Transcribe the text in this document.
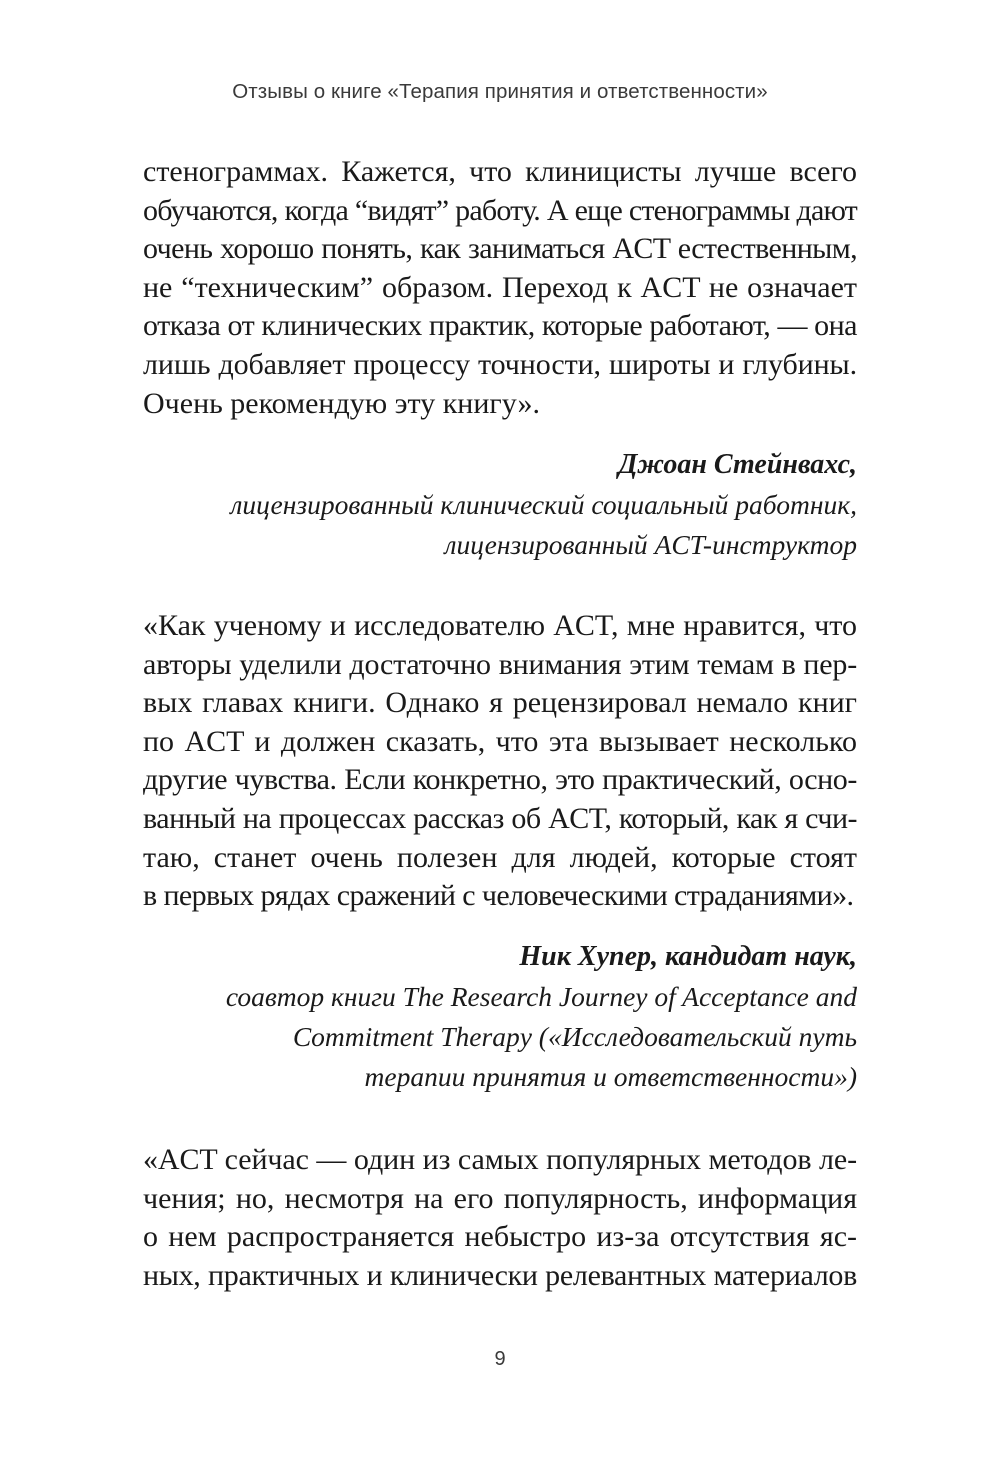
Отзывы о книге «Терапия принятия и ответственности»
стенограммах. Кажется, что клиницисты лучше всего
обучаются, когда “видят” работу. А еще стенограммы дают
очень хорошо понять, как заниматься ACT естественным,
не “техническим” образом. Переход к ACT не означает
отказа от клинических практик, которые работают, — она
лишь добавляет процессу точности, широты и глубины.
Очень рекомендую эту книгу».
Джоан Стейнвахс,
лицензированный клинический социальный работник,
лицензированный ACT-инструктор
«Как ученому и исследователю ACT, мне нравится, что
авторы уделили достаточно внимания этим темам в пер-
вых главах книги. Однако я рецензировал немало книг
по ACT и должен сказать, что эта вызывает несколько
другие чувства. Если конкретно, это практический, осно-
ванный на процессах рассказ об ACT, который, как я счи-
таю, станет очень полезен для людей, которые стоят
в первых рядах сражений с человеческими страданиями».
Ник Хупер, кандидат наук,
соавтор книги The Research Journey of Acceptance and
Commitment Therapy («Исследовательский путь
терапии принятия и ответственности»)
«ACT сейчас — один из самых популярных методов ле-
чения; но, несмотря на его популярность, информация
о нем распространяется небыстро из-за отсутствия яс-
ных, практичных и клинически релевантных материалов
9
